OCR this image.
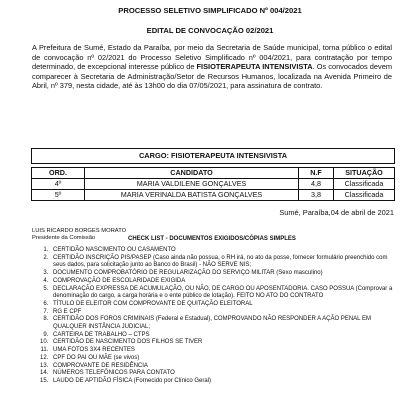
PROCESSO SELETIVO SIMPLIFICADO Nº 004/2021
EDITAL DE CONVOCAÇÃO 02/2021
A Prefeitura de Sumé, Estado da Paraíba, por meio da Secretaria de Saúde municipal, torna público o edital de convocação nº 02/2021 do Processo Seletivo Simplificado nº 004/2021, para contratação por tempo determinado, de excepcional interesse público de FISIOTERAPEUTA INTENSIVISTA. Os convocados devem comparecer à Secretaria de Administração/Setor de Recursos Humanos, localizada na Avenida Primeiro de Abril, nº 379, nesta cidade, até às 13h00 do dia 07/05/2021, para assinatura de contrato.
CARGO: FISIOTERAPEUTA INTENSIVISTA
ORD.	CANDIDATO	N.F	SITUAÇÃO
4º	MARIA VALDILENE GONÇALVES	4,8	Classificada
5º	MARIA VERINALDA BATISTA GONÇALVES	3,8	Classificada
Sumé, Paraíba,04 de abril de 2021
LUIS RICARDO BORGES MORATO
Presidente da Comissão	CHECK LIST - DOCUMENTOS EXIGIDOS/CÓPIAS SIMPLES
1. CERTIDÃO NASCIMENTO OU CASAMENTO
2. CERTIDÃO INSCRIÇÃO PIS/PASEP (Caso ainda não possua, o RH irá, no ato da posse, fornecer formulário preenchido com seus dados, para solicitação junto ao Banco do Brasil) - NÃO SERVE NIS;
3. DOCUMENTO COMPROBATÓRIO DE REGULARIZAÇÃO DO SERVIÇO MILITAR (Sexo masculino)
4. COMPROVAÇÃO DE ESCOLARIDADE EXIGIDA
5. DECLARAÇÃO EXPRESSA DE ACUMULAÇÃO, OU NÃO, DE CARGO OU APOSENTADORIA. CASO POSSUA (Comprovar a denominação do cargo, a carga horária e o ente público de lotação). FEITO NO ATO DO CONTRATO
6. TÍTULO DE ELEITOR COM COMPROVANTE DE QUITAÇÃO ELEITORAL
7. RG E CPF
8. CERTIDÃO DOS FOROS CRIMINAIS (Federal e Estadual), COMPROVANDO NÃO RESPONDER A AÇÃO PENAL EM QUALQUER INSTÂNCIA JUDICIAL;
9. CARTEIRA DE TRABALHO – CTPS
10. CERTIDÃO DE NASCIMENTO DOS FILHOS SE TIVER
11. UMA FOTOS 3X4 RECENTES
12. CPF DO PAI OU MÃE (se vivos)
13. COMPROVANTE DE RESIDÊNCIA
14. NÚMEROS TELEFÔNICOS PARA CONTATO
15. LAUDO DE APTIDÃO FÍSICA (Fornecido por Clínico Geral)
